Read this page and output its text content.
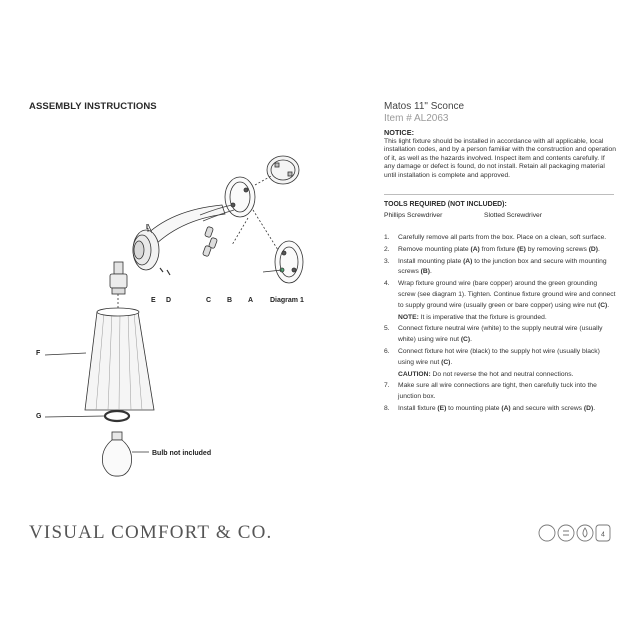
ASSEMBLY INSTRUCTIONS
I
E D	C B A Diagram 1
F
G
Bulb not included
Matos 11" Sconce
Item # AL2063
NOTICE:
This light fixture should be installed in accordance with all applicable, local installation codes, and by a person familiar with the construction and operation of it, as well as the hazards involved. Inspect item and contents carefully. If any damage or defect is found, do not install. Retain all packaging material until installation is complete and approved.
TOOLS REQUIRED (NOT INCLUDED):
Phillips Screwdriver	Slotted Screwdriver
1. Carefully remove all parts from the box. Place on a clean, soft surface.
2. Remove mounting plate (A) from fixture (E) by removing screws (D).
3. Install mounting plate (A) to the junction box and secure with mounting screws (B).
4. Wrap fixture ground wire (bare copper) around the green grounding screw (see diagram 1). Tighten. Continue fixture ground wire and connect to supply ground wire (usually green or bare copper) using wire nut (C).
NOTE: It is imperative that the fixture is grounded.
5. Connect fixture neutral wire (white) to the supply neutral wire (usually white) using wire nut (C).
6. Connect fixture hot wire (black) to the supply hot wire (usually black) using wire nut (C).
CAUTION: Do not reverse the hot and neutral connections.
7. Make sure all wire connections are tight, then carefully tuck into the junction box.
8. Install fixture (E) to mounting plate (A) and secure with screws (D).
VISUAL COMFORT & CO.	4
